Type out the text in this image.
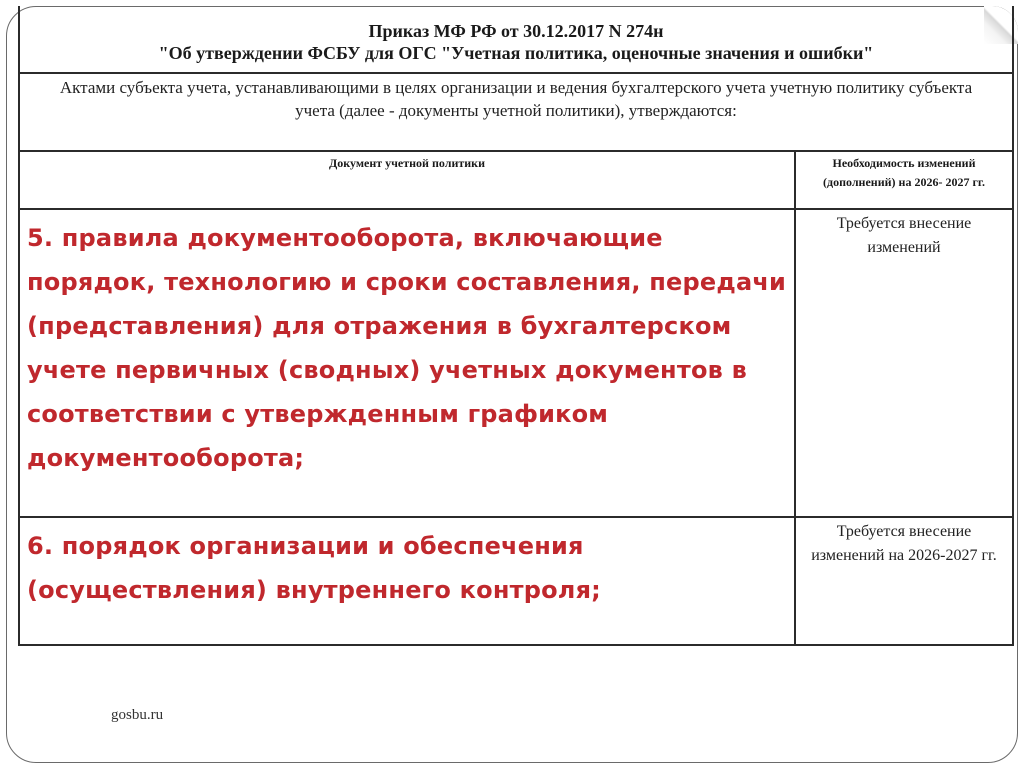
Приказ МФ РФ от 30.12.2017 N 274н
"Об утверждении ФСБУ для ОГС "Учетная политика, оценочные значения и ошибки"
Актами субъекта учета, устанавливающими в целях организации и ведения бухгалтерского учета учетную политику субъекта учета (далее - документы учетной политики), утверждаются:
Документ учетной политики	Необходимость изменений
(дополнений) на 2026- 2027 гг.
5. правила документооборота, включающие порядок, технологию и сроки составления, передачи (представления) для отражения в бухгалтерском учете первичных (сводных) учетных документов в соответствии с утвержденным графиком документооборота;
Требуется внесение изменений
6. порядок организации и обеспечения (осуществления) внутреннего контроля;
Требуется внесение изменений на 2026-2027 гг.
gosbu.ru
